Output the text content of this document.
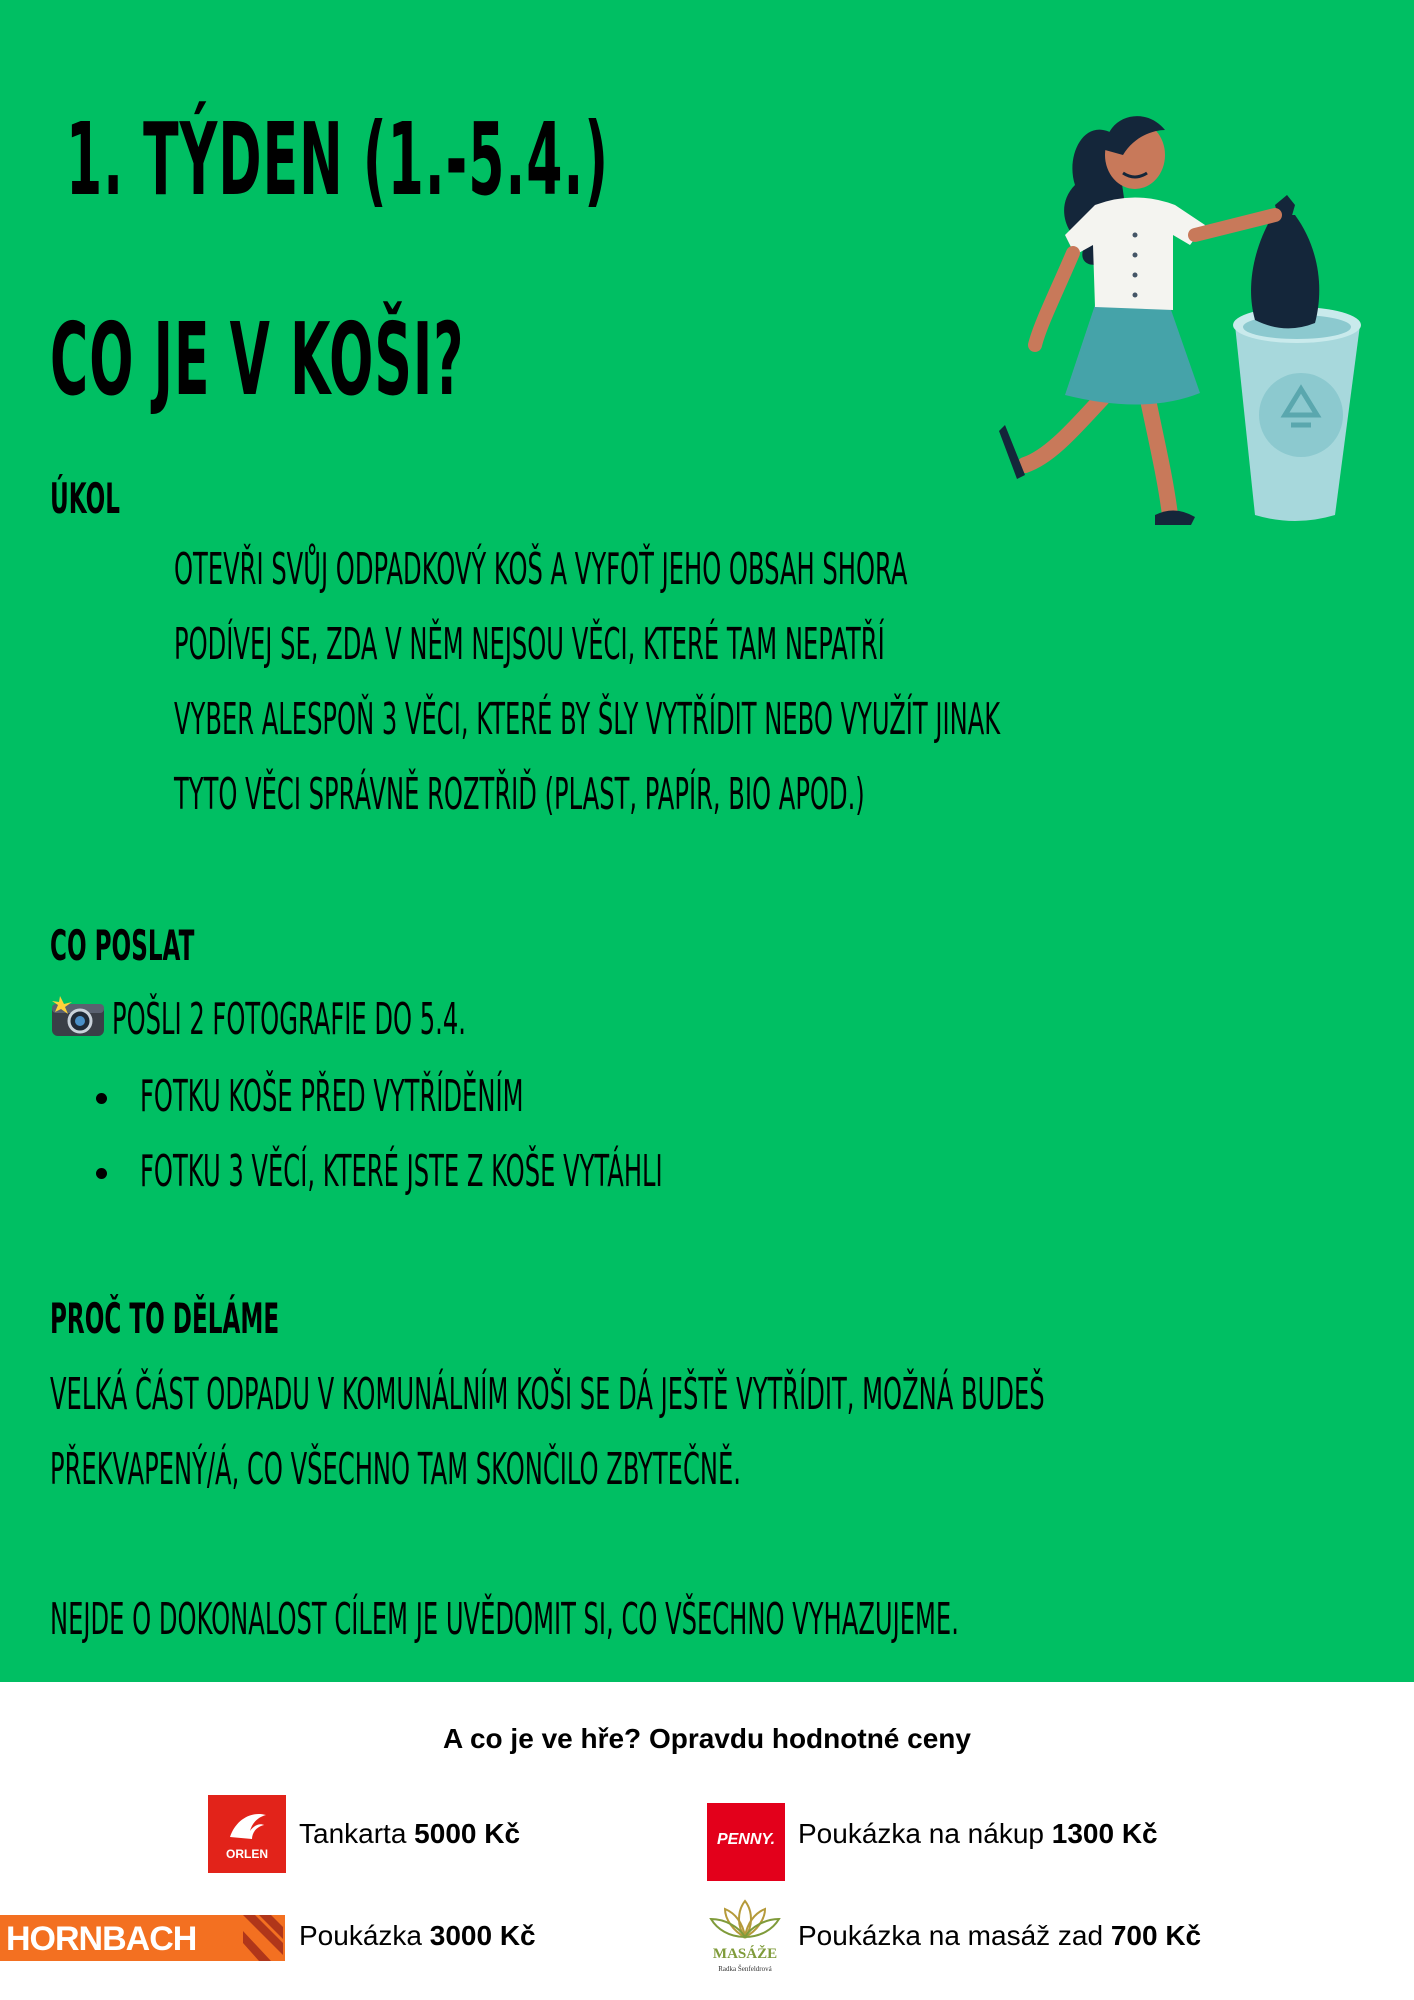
1. TÝDEN (1.-5.4.)
CO JE V KOŠI?
ÚKOL
OTEVŘI SVŮJ ODPADKOVÝ KOŠ A VYFOŤ JEHO OBSAH SHORA
PODÍVEJ SE, ZDA V NĚM NEJSOU VĚCI, KTERÉ TAM NEPATŘÍ
VYBER ALESPOŇ 3 VĚCI, KTERÉ BY ŠLY VYTŘÍDIT NEBO VYUŽÍT JINAK
TYTO VĚCI SPRÁVNĚ ROZTŘIĎ (PLAST, PAPÍR, BIO APOD.)
CO POSLAT
POŠLI 2 FOTOGRAFIE DO 5.4.
FOTKU KOŠE PŘED VYTŘÍDĚNÍM
FOTKU 3 VĚCÍ, KTERÉ JSTE Z KOŠE VYTÁHLI
PROČ TO DĚLÁME
VELKÁ ČÁST ODPADU V KOMUNÁLNÍM KOŠI SE DÁ JEŠTĚ VYTŘÍDIT, MOŽNÁ BUDEŠ
PŘEKVAPENÝ/Á, CO VŠECHNO TAM SKONČILO ZBYTEČNĚ.
NEJDE O DOKONALOST CÍLEM JE UVĚDOMIT SI, CO VŠECHNO VYHAZUJEME.
A co je ve hře? Opravdu hodnotné ceny
ORLEN
Tankarta 5000 Kč	PENNY. Poukázka na nákup 1300 Kč
HORNBACH	Poukázka 3000 Kč
MASÁŽE
Radka Šenfeldrová
Poukázka na masáž zad 700 Kč
